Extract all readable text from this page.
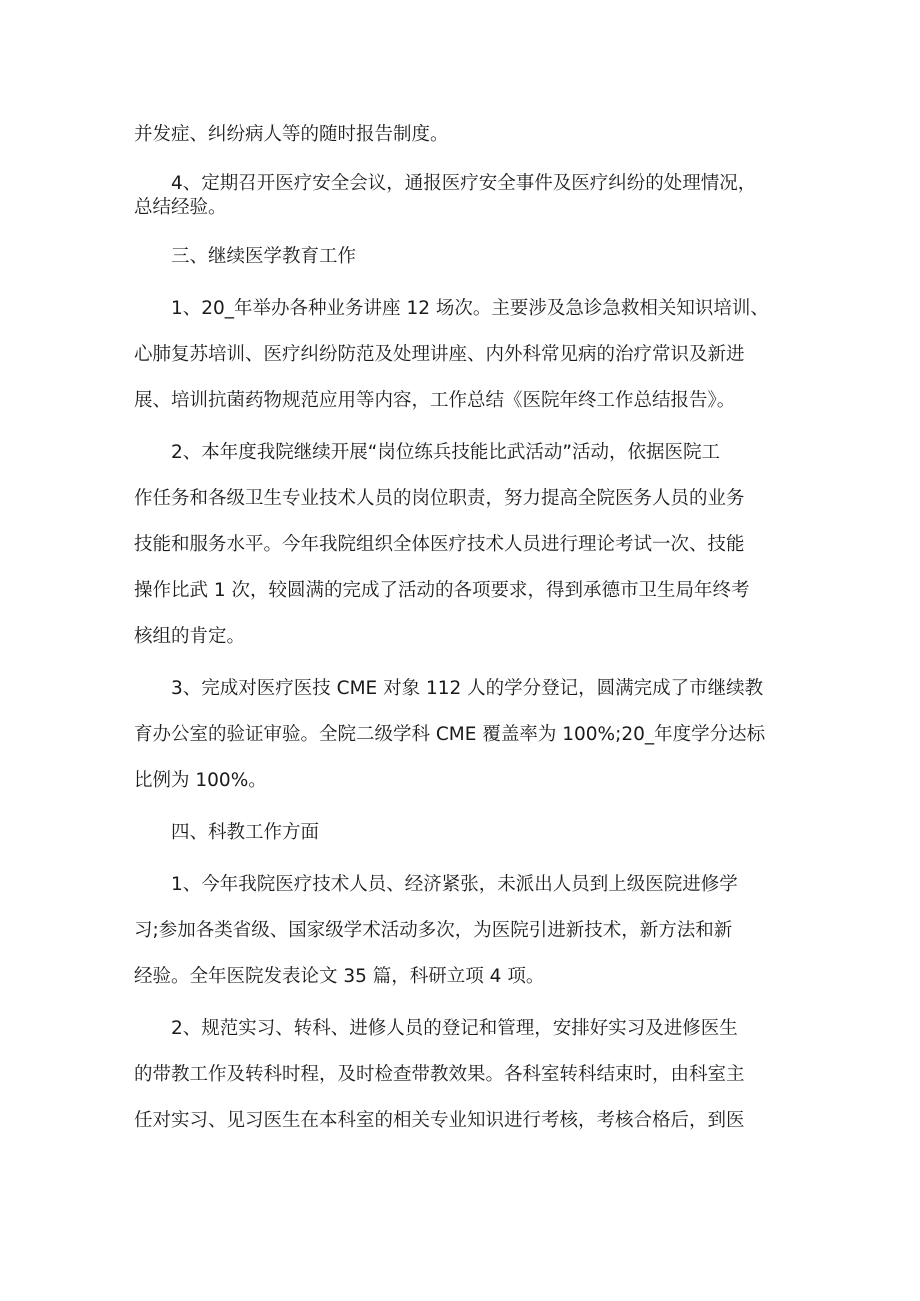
并发症、纠纷病人等的随时报告制度。

4、定期召开医疗安全会议，通报医疗安全事件及医疗纠纷的处理情况，
总结经验。

三、继续医学教育工作

1、20_年举办各种业务讲座 12 场次。主要涉及急诊急救相关知识培训、
心肺复苏培训、医疗纠纷防范及处理讲座、内外科常见病的治疗常识及新进
展、培训抗菌药物规范应用等内容，工作总结《医院年终工作总结报告》。

2、本年度我院继续开展“岗位练兵技能比武活动”活动，依据医院工
作任务和各级卫生专业技术人员的岗位职责，努力提高全院医务人员的业务
技能和服务水平。今年我院组织全体医疗技术人员进行理论考试一次、技能
操作比武 1 次，较圆满的完成了活动的各项要求，得到承德市卫生局年终考
核组的肯定。

3、完成对医疗医技 CME 对象 112 人的学分登记，圆满完成了市继续教
育办公室的验证审验。全院二级学科 CME 覆盖率为 100%;20_年度学分达标
比例为 100%。

四、科教工作方面

1、今年我院医疗技术人员、经济紧张，未派出人员到上级医院进修学
习;参加各类省级、国家级学术活动多次，为医院引进新技术，新方法和新
经验。全年医院发表论文 35 篇，科研立项 4 项。

2、规范实习、转科、进修人员的登记和管理，安排好实习及进修医生
的带教工作及转科时程，及时检查带教效果。各科室转科结束时，由科室主
任对实习、见习医生在本科室的相关专业知识进行考核，考核合格后，到医
